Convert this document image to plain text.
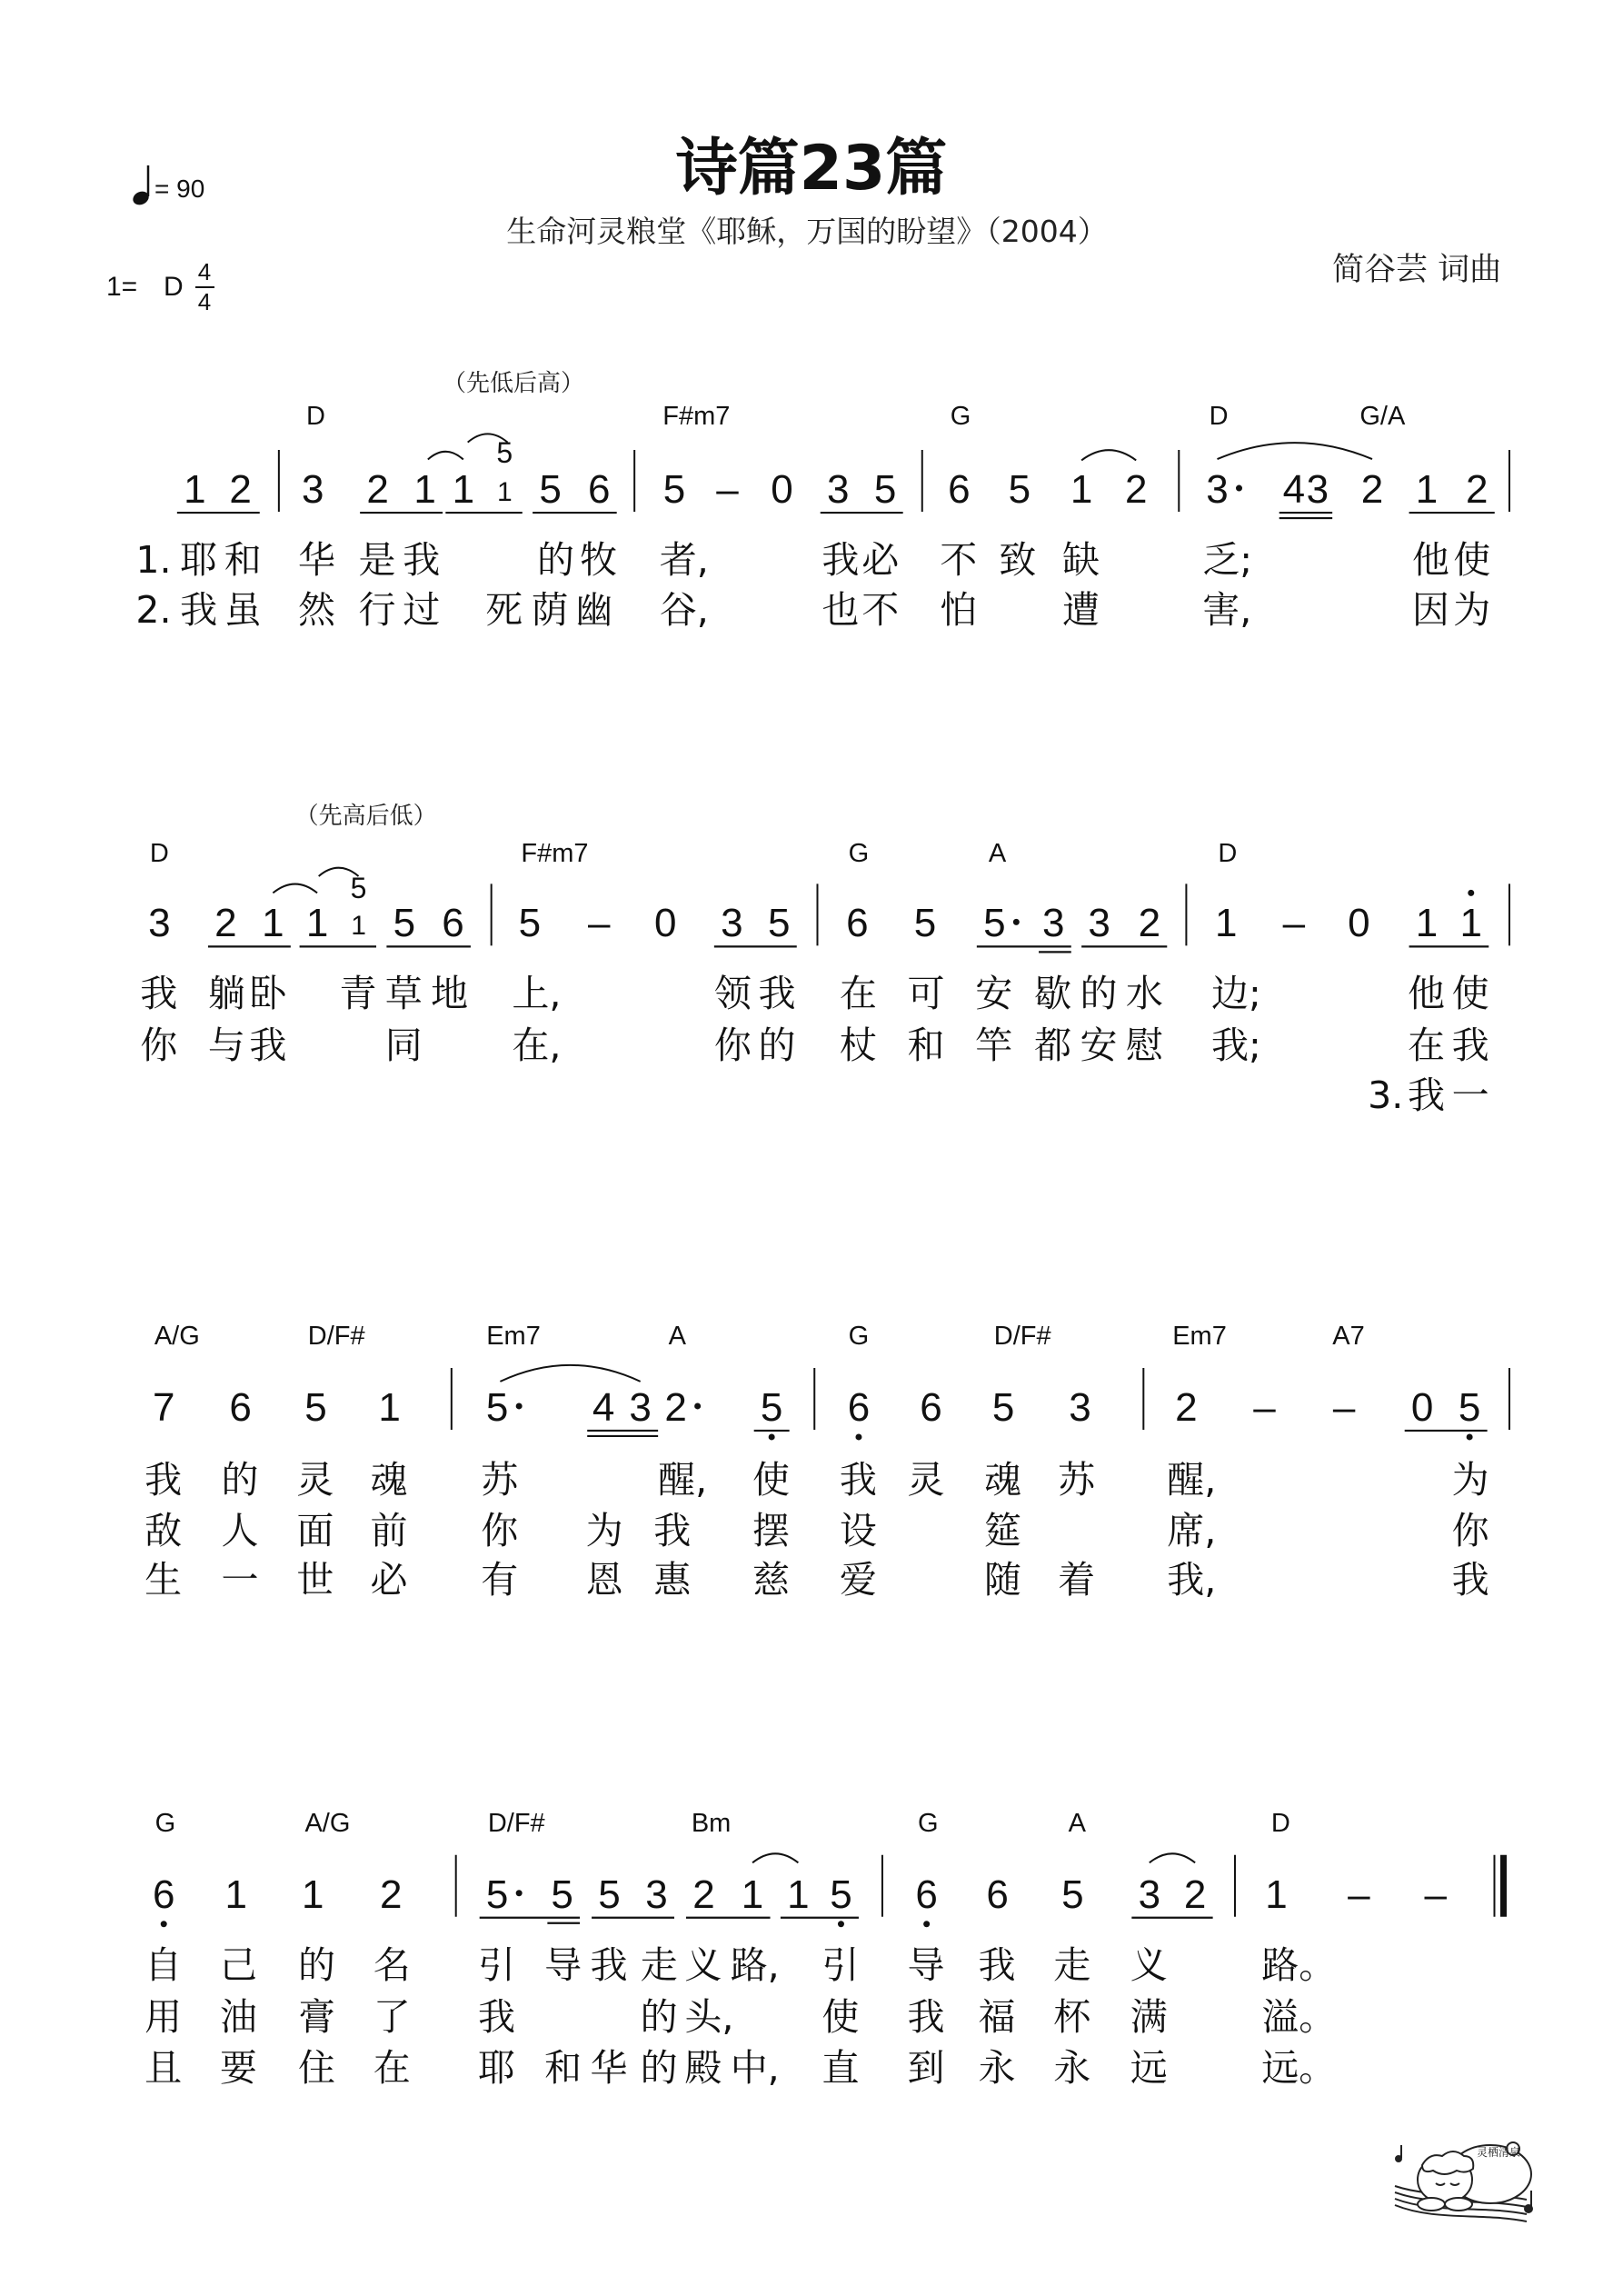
灵栖清泉
诗篇23篇
生命河灵粮堂《耶稣，万国的盼望》（2004）
简谷芸 词曲
= 90
1= D 4
4
（先低后高）
D	F#m7	G	D	G/A
1 2 3 2 1 1 1 5 6 5 – 0 3 5 6 5 1 2 3 4 3 2 1 2
5
1. 耶 和 华 是 我	的 牧 者,	我 必 不 致 缺	乏;	他 使
2. 我 虽 然 行 过 死 荫 幽 谷,	也 不 怕 遭	害,	因 为
（先高后低）
D	F#m7	G	A	D
3 2 1 1 1 5 6 5 – 0 3 5 6 5 5 3 3 2 1 – 0 1 1
5
我 躺 卧 青 草 地 上,	领 我 在 可 安 歇 的 水 边;	他 使
你 与 我	同 在,	你 的 杖 和 竿 都 安 慰 我;	在 我
3. 我 一
A/G	D/F#	Em7	A	G	D/F#	Em7	A7
7 6 5 1 5 4 3 2 5 6 6 5 3 2 – – 0 5
我 的 灵 魂 苏	醒, 使 我 灵 魂 苏 醒,	为
敌 人 面 前 你 为 我 摆 设	筵	席,	你
生 一 世 必 有 恩 惠 慈 爱	随 着 我,	我
G	A/G	D/F#	Bm	G	A	D
6 1 1 2 5 5 5 3 2 1 1 5 6 6 5 3 2 1 – –
自 己 的 名 引 导 我 走 义 路, 引 导 我 走 义	路。
用 油 膏 了 我	的 头, 使 我 福 杯 满	溢。
且 要 住 在 耶 和 华 的 殿 中, 直 到 永 永 远	远。
